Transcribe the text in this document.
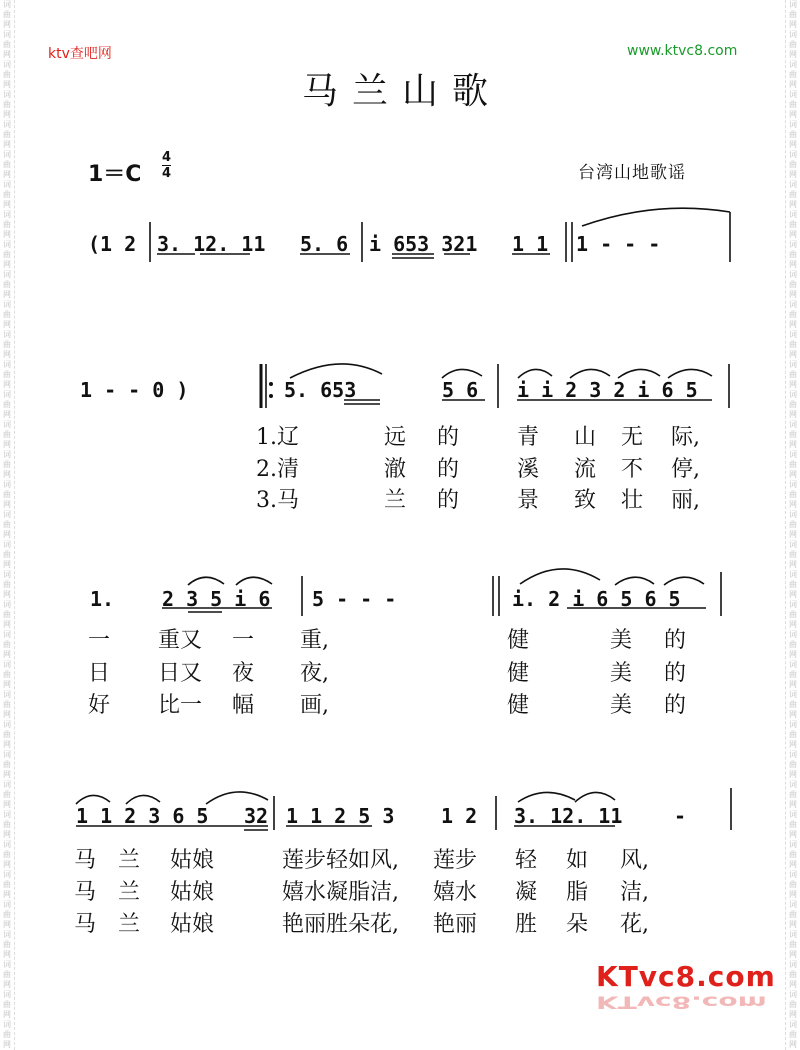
词曲网词曲网词曲网词曲网词曲网词曲网词曲网词曲网词曲网词曲网词曲网词曲网词曲网词曲网词曲网词曲网词曲网词曲网词曲网词曲网词曲网词曲网词曲网词曲网词曲网词曲网词曲网词曲网词曲网词曲网词曲网词曲网词曲网词曲网词曲网
词曲网词曲网词曲网词曲网词曲网词曲网词曲网词曲网词曲网词曲网词曲网词曲网词曲网词曲网词曲网词曲网词曲网词曲网词曲网词曲网词曲网词曲网词曲网词曲网词曲网词曲网词曲网词曲网词曲网词曲网词曲网词曲网词曲网词曲网词曲网
ktv查吧网	www.ktvc8.com
马兰山歌
1＝C
4
4	台湾山地歌谣
(1 2 3. 12. 11 5. 6 i 653 321 1 1 1 - - -
1 - - 0 )	5. 653	5 6 i i 2 3 2 i 6 5
1.辽	远 的	青 山 无 际,
2.清	澈 的	溪 流 不 停,
3.马	兰 的	景 致 壮 丽,
1. 2 3 5 i 6 5 - - -	i. 2 i 6 5 6 5
一 重又 一 重,	健	美 的
日 日又 夜 夜,	健	美 的
好 比一 幅 画,	健	美 的
1 1 2 3 6 5 32 1 1 2 5 3 1 2 3. 12. 11	-
马 兰 姑娘	莲步轻如风, 莲步 轻 如 风,
马 兰 姑娘	嬉水凝脂洁, 嬉水 凝 脂 洁,
马 兰 姑娘	艳丽胜朵花, 艳丽 胜 朵 花,
KTvc8.com
KTvc8.com
